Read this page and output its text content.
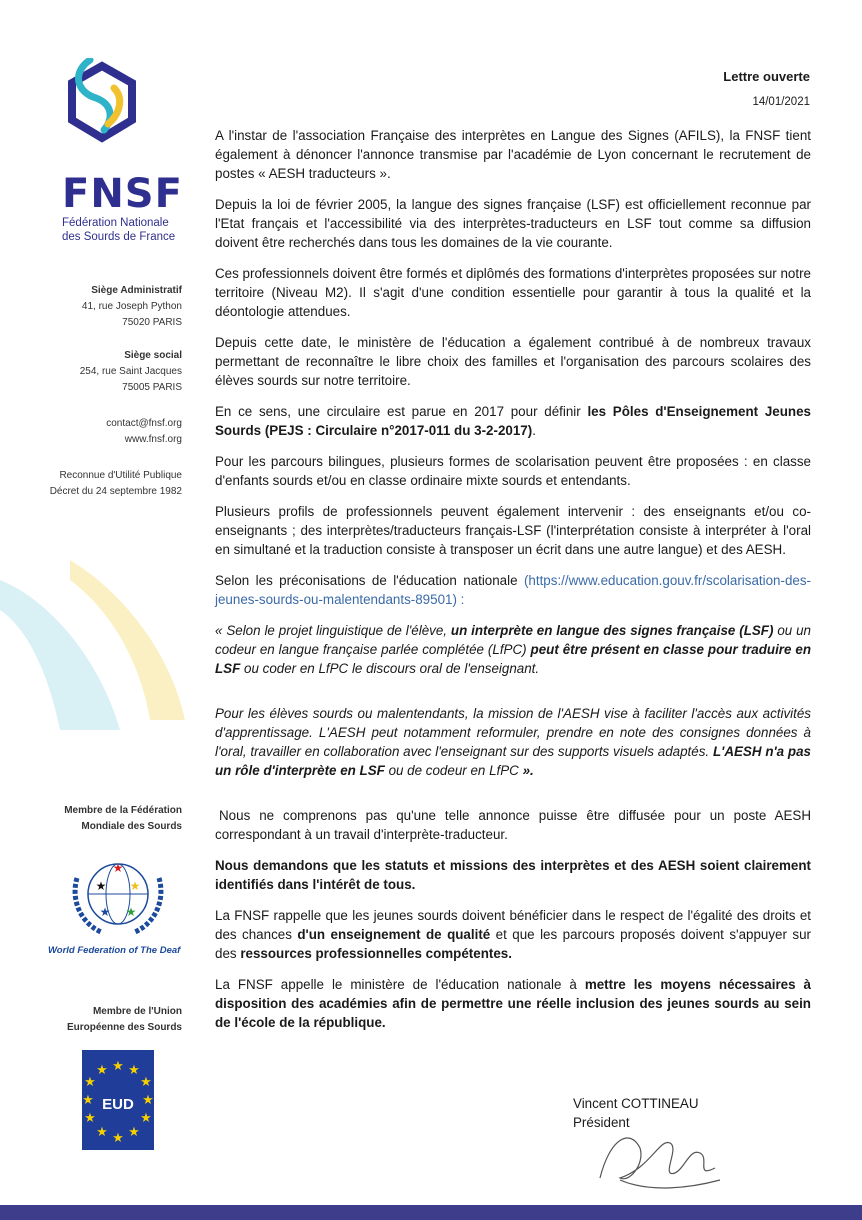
FNSF
Fédération Nationale
des Sourds de France
Siège Administratif
41, rue Joseph Python
75020 PARIS
Siège social
254, rue Saint Jacques
75005 PARIS
contact@fnsf.org
www.fnsf.org
Reconnue d'Utilité Publique
Décret du 24 septembre 1982
Membre de la Fédération
Mondiale des Sourds
★
★ ★
★ ★
World Federation of The Deaf
Membre de l'Union
Européenne des Sourds
★ ★
★
★
★
★
★
★
★
★
★
★
EUD
Lettre ouverte
14/01/2021

A l'instar de l'association Française des interprètes en Langue des Signes (AFILS), la FNSF tient également à dénoncer l'annonce transmise par l'académie de Lyon concernant le recrutement de postes « AESH traducteurs ».

Depuis la loi de février 2005, la langue des signes française (LSF) est officiellement reconnue par l'Etat français et l'accessibilité via des interprètes-traducteurs en LSF tout comme sa diffusion doivent être recherchés dans tous les domaines de la vie courante.

Ces professionnels doivent être formés et diplômés des formations d'interprètes proposées sur notre territoire (Niveau M2). Il s'agit d'une condition essentielle pour garantir à tous la qualité et la déontologie attendues.

Depuis cette date, le ministère de l'éducation a également contribué à de nombreux travaux permettant de reconnaître le libre choix des familles et l'organisation des parcours scolaires des élèves sourds sur notre territoire.

En ce sens, une circulaire est parue en 2017 pour définir les Pôles d'Enseignement Jeunes Sourds (PEJS : Circulaire n°2017-011 du 3-2-2017).

Pour les parcours bilingues, plusieurs formes de scolarisation peuvent être proposées : en classe d'enfants sourds et/ou en classe ordinaire mixte sourds et entendants.

Plusieurs profils de professionnels peuvent également intervenir : des enseignants et/ou co-enseignants ; des interprètes/traducteurs français-LSF (l'interprétation consiste à interpréter à l'oral en simultané et la traduction consiste à transposer un écrit dans une autre langue) et des AESH.

Selon les préconisations de l'éducation nationale (https://www.education.gouv.fr/scolarisation-des-jeunes-sourds-ou-malentendants-89501) :

« Selon le projet linguistique de l'élève, un interprète en langue des signes française (LSF) ou un codeur en langue française parlée complétée (LfPC) peut être présent en classe pour traduire en LSF ou coder en LfPC le discours oral de l'enseignant.

Pour les élèves sourds ou malentendants, la mission de l'AESH vise à faciliter l'accès aux activités d'apprentissage. L'AESH peut notamment reformuler, prendre en note des consignes données à l'oral, travailler en collaboration avec l'enseignant sur des supports visuels adaptés. L'AESH n'a pas un rôle d'interprète en LSF ou de codeur en LfPC ».

Nous ne comprenons pas qu'une telle annonce puisse être diffusée pour un poste AESH correspondant à un travail d'interprète-traducteur.

Nous demandons que les statuts et missions des interprètes et des AESH soient clairement identifiés dans l'intérêt de tous.

La FNSF rappelle que les jeunes sourds doivent bénéficier dans le respect de l'égalité des droits et des chances d'un enseignement de qualité et que les parcours proposés doivent s'appuyer sur des ressources professionnelles compétentes.

La FNSF appelle le ministère de l'éducation nationale à mettre les moyens nécessaires à disposition des académies afin de permettre une réelle inclusion des jeunes sourds au sein de l'école de la république.

Vincent COTTINEAU
Président
